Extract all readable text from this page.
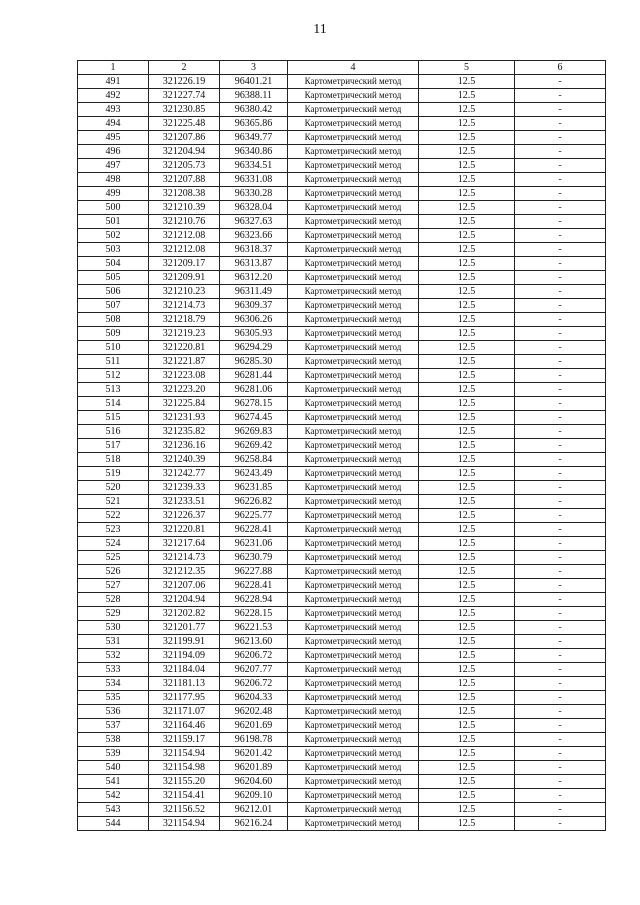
11
1	2	3	4	5	6
491	321226.19	96401.21	Картометрический метод	12.5	-
492	321227.74	96388.11	Картометрический метод	12.5	-
493	321230.85	96380.42	Картометрический метод	12.5	-
494	321225.48	96365.86	Картометрический метод	12.5	-
495	321207.86	96349.77	Картометрический метод	12.5	-
496	321204.94	96340.86	Картометрический метод	12.5	-
497	321205.73	96334.51	Картометрический метод	12.5	-
498	321207.88	96331.08	Картометрический метод	12.5	-
499	321208.38	96330.28	Картометрический метод	12.5	-
500	321210.39	96328.04	Картометрический метод	12.5	-
501	321210.76	96327.63	Картометрический метод	12.5	-
502	321212.08	96323.66	Картометрический метод	12.5	-
503	321212.08	96318.37	Картометрический метод	12.5	-
504	321209.17	96313.87	Картометрический метод	12.5	-
505	321209.91	96312.20	Картометрический метод	12.5	-
506	321210.23	96311.49	Картометрический метод	12.5	-
507	321214.73	96309.37	Картометрический метод	12.5	-
508	321218.79	96306.26	Картометрический метод	12.5	-
509	321219.23	96305.93	Картометрический метод	12.5	-
510	321220.81	96294.29	Картометрический метод	12.5	-
511	321221.87	96285.30	Картометрический метод	12.5	-
512	321223.08	96281.44	Картометрический метод	12.5	-
513	321223.20	96281.06	Картометрический метод	12.5	-
514	321225.84	96278.15	Картометрический метод	12.5	-
515	321231.93	96274.45	Картометрический метод	12.5	-
516	321235.82	96269.83	Картометрический метод	12.5	-
517	321236.16	96269.42	Картометрический метод	12.5	-
518	321240.39	96258.84	Картометрический метод	12.5	-
519	321242.77	96243.49	Картометрический метод	12.5	-
520	321239.33	96231.85	Картометрический метод	12.5	-
521	321233.51	96226.82	Картометрический метод	12.5	-
522	321226.37	96225.77	Картометрический метод	12.5	-
523	321220.81	96228.41	Картометрический метод	12.5	-
524	321217.64	96231.06	Картометрический метод	12.5	-
525	321214.73	96230.79	Картометрический метод	12.5	-
526	321212.35	96227.88	Картометрический метод	12.5	-
527	321207.06	96228.41	Картометрический метод	12.5	-
528	321204.94	96228.94	Картометрический метод	12.5	-
529	321202.82	96228.15	Картометрический метод	12.5	-
530	321201.77	96221.53	Картометрический метод	12.5	-
531	321199.91	96213.60	Картометрический метод	12.5	-
532	321194.09	96206.72	Картометрический метод	12.5	-
533	321184.04	96207.77	Картометрический метод	12.5	-
534	321181.13	96206.72	Картометрический метод	12.5	-
535	321177.95	96204.33	Картометрический метод	12.5	-
536	321171.07	96202.48	Картометрический метод	12.5	-
537	321164.46	96201.69	Картометрический метод	12.5	-
538	321159.17	96198.78	Картометрический метод	12.5	-
539	321154.94	96201.42	Картометрический метод	12.5	-
540	321154.98	96201.89	Картометрический метод	12.5	-
541	321155.20	96204.60	Картометрический метод	12.5	-
542	321154.41	96209.10	Картометрический метод	12.5	-
543	321156.52	96212.01	Картометрический метод	12.5	-
544	321154.94	96216.24	Картометрический метод	12.5	-
